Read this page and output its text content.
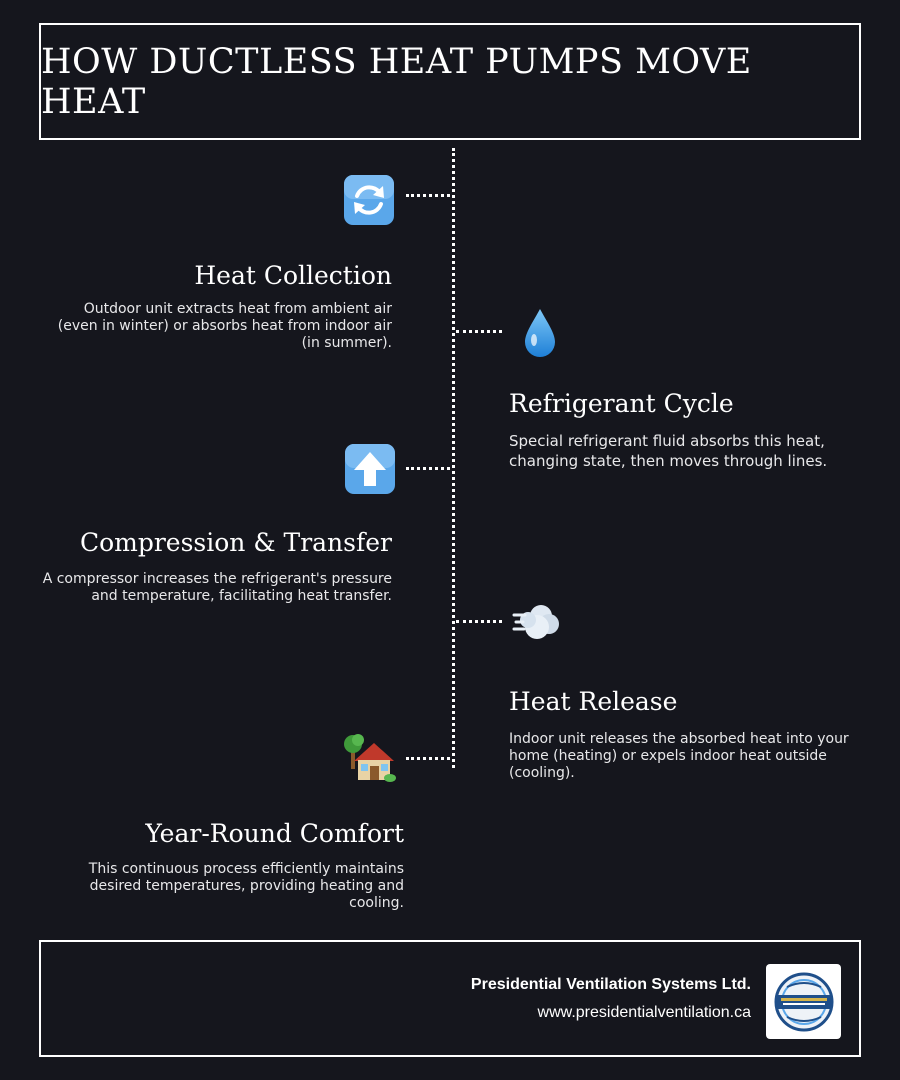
HOW DUCTLESS HEAT PUMPS MOVE HEAT
Heat Collection

Outdoor unit extracts heat from ambient air (even in winter) or absorbs heat from indoor air (in summer).

Refrigerant Cycle

Special refrigerant fluid absorbs this heat, changing state, then moves through lines.

Compression & Transfer

A compressor increases the refrigerant's pressure and temperature, facilitating heat transfer.

Heat Release

Indoor unit releases the absorbed heat into your home (heating) or expels indoor heat outside (cooling).

Year-Round Comfort

This continuous process efficiently maintains desired temperatures, providing heating and cooling.

Presidential Ventilation Systems Ltd.

www.presidentialventilation.ca
